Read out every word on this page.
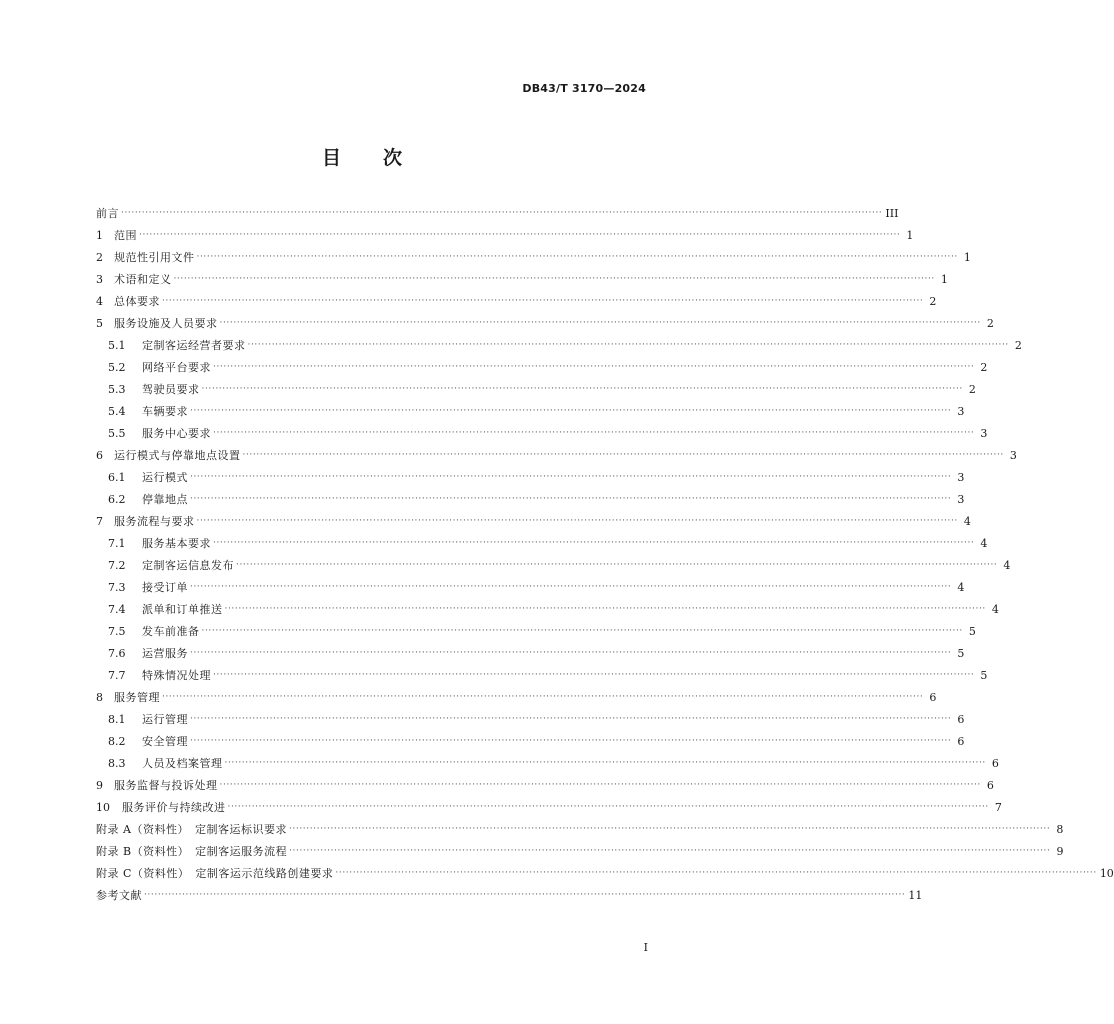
DB43/T 3170—2024
目 次
前言 ···························································································································································································································· III
1	范围 ···························································································································································································································· 1
2	规范性引用文件 ···························································································································································································································· 1
3	术语和定义 ···························································································································································································································· 1
4	总体要求 ···························································································································································································································· 2
5	服务设施及人员要求 ···························································································································································································································· 2
5.1	定制客运经营者要求 ···························································································································································································································· 2
5.2	网络平台要求 ···························································································································································································································· 2
5.3	驾驶员要求 ···························································································································································································································· 2
5.4	车辆要求 ···························································································································································································································· 3
5.5	服务中心要求 ···························································································································································································································· 3
6	运行模式与停靠地点设置 ···························································································································································································································· 3
6.1	运行模式 ···························································································································································································································· 3
6.2	停靠地点 ···························································································································································································································· 3
7	服务流程与要求 ···························································································································································································································· 4
7.1	服务基本要求 ···························································································································································································································· 4
7.2	定制客运信息发布 ···························································································································································································································· 4
7.3	接受订单 ···························································································································································································································· 4
7.4	派单和订单推送 ···························································································································································································································· 4
7.5	发车前准备 ···························································································································································································································· 5
7.6	运营服务 ···························································································································································································································· 5
7.7	特殊情况处理 ···························································································································································································································· 5
8	服务管理 ···························································································································································································································· 6
8.1	运行管理 ···························································································································································································································· 6
8.2	安全管理 ···························································································································································································································· 6
8.3	人员及档案管理 ···························································································································································································································· 6
9	服务监督与投诉处理 ···························································································································································································································· 6
10	服务评价与持续改进 ···························································································································································································································· 7
附录 A（资料性）　定制客运标识要求 ···························································································································································································································· 8
附录 B（资料性）　定制客运服务流程 ···························································································································································································································· 9
附录 C（资料性）　定制客运示范线路创建要求 ···························································································································································································································· 10
参考文献 ···························································································································································································································· 11
I
